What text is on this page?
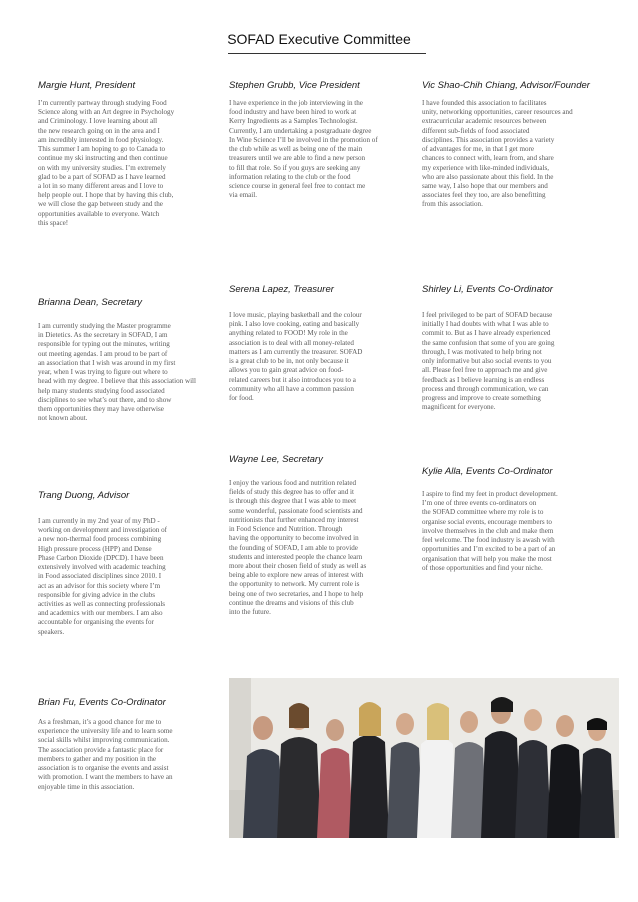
SOFAD Executive Committee
Margie Hunt, President
I’m currently partway through studying Food
Science along with an Art degree in Psychology
and Criminology. I love learning about all
the new research going on in the area and I
am incredibly interested in food physiology.
This summer I am hoping to go to Canada to
continue my ski instructing and then continue
on with my university studies. I’m extremely
glad to be a part of SOFAD as I have learned
a lot in so many different areas and I love to
help people out. I hope that by having this club,
we will close the gap between study and the
opportunities available to everyone. Watch
this space!
Stephen Grubb, Vice President
I have experience in the job interviewing in the
food industry and have been hired to work at
Kerry Ingredients as a Samples Technologist.
Currently, I am undertaking a postgraduate degree
In Wine Science I’ll be involved in the promotion of
the club while as well as being one of the main
treasurers until we are able to find a new person
to fill that role. So if you guys are seeking any
information relating to the club or the food
science course in general feel free to contact me
via email.
Vic Shao-Chih Chiang, Advisor/Founder
I have founded this association to facilitates
unity, networking opportunities, career resources and
extracurricular academic resources between
different sub-fields of food associated
disciplines. This association provides a variety
of advantages for me, in that I get more
chances to connect with, learn from, and share
my experience with like-minded individuals,
who are also passionate about this field. In the
same way, I also hope that our members and
associates feel they too, are also benefitting
from this association.
Brianna Dean, Secretary
I am currently studying the Master programme
in Dietetics. As the secretary in SOFAD, I am
responsible for typing out the minutes, writing
out meeting agendas. I am proud to be part of
an association that I wish was around in my first
year, when I was trying to figure out where to
head with my degree. I believe that this association will
help many students studying food associated
disciplines to see what’s out there, and to show
them opportunities they may have otherwise
not known about.
Serena Lapez, Treasurer
I love music, playing basketball and the colour
pink. I also love cooking, eating and basically
anything related to FOOD! My role in the
association is to deal with all money-related
matters as I am currently the treasurer. SOFAD
is a great club to be in, not only because it
allows you to gain great advice on food-
related careers but it also introduces you to a
community who all have a common passion
for food.
Shirley Li, Events Co-Ordinator
I feel privileged to be part of SOFAD because
initially I had doubts with what I was able to
commit to. But as I have already experienced
the same confusion that some of you are going
through, I was motivated to help bring not
only informative but also social events to you
all. Please feel free to approach me and give
feedback as I believe learning is an endless
process and through communication, we can
progress and improve to create something
magnificent for everyone.
Wayne Lee, Secretary
I enjoy the various food and nutrition related
fields of study this degree has to offer and it
is through this degree that I was able to meet
some wonderful, passionate food scientists and
nutritionists that further enhanced my interest
in Food Science and Nutrition. Through
having the opportunity to become involved in
the founding of SOFAD, I am able to provide
students and interested people the chance learn
more about their chosen field of study as well as
being able to explore new areas of interest with
the opportunity to network. My current role is
being one of two secretaries, and I hope to help
continue the dreams and visions of this club
into the future.
Trang Duong, Advisor
I am currently in my 2nd year of my PhD -
working on development and investigation of
a new non-thermal food process combining
High pressure process (HPP) and Dense
Phase Carbon Dioxide (DPCD). I have been
extensively involved with academic teaching
in Food associated disciplines since 2010. I
act as an advisor for this society where I’m
responsible for giving advice in the clubs
activities as well as connecting professionals
and academics with our members. I am also
accountable for organising the events for
speakers.
Kylie Alla, Events Co-Ordinator
I aspire to find my feet in product development.
I’m one of three events co-ordinators on
the SOFAD committee where my role is to
organise social events, encourage members to
involve themselves in the club and make them
feel welcome. The food industry is awash with
opportunities and I’m excited to be a part of an
organisation that will help you make the most
of those opportunities and find your niche.
Brian Fu, Events Co-Ordinator
As a freshman, it’s a good chance for me to
experience the university life and to learn some
social skills whilst improving communication.
The association provide a fantastic place for
members to gather and my position in the
association is to organise the events and assist
with promotion. I want the members to have an
enjoyable time in this association.
